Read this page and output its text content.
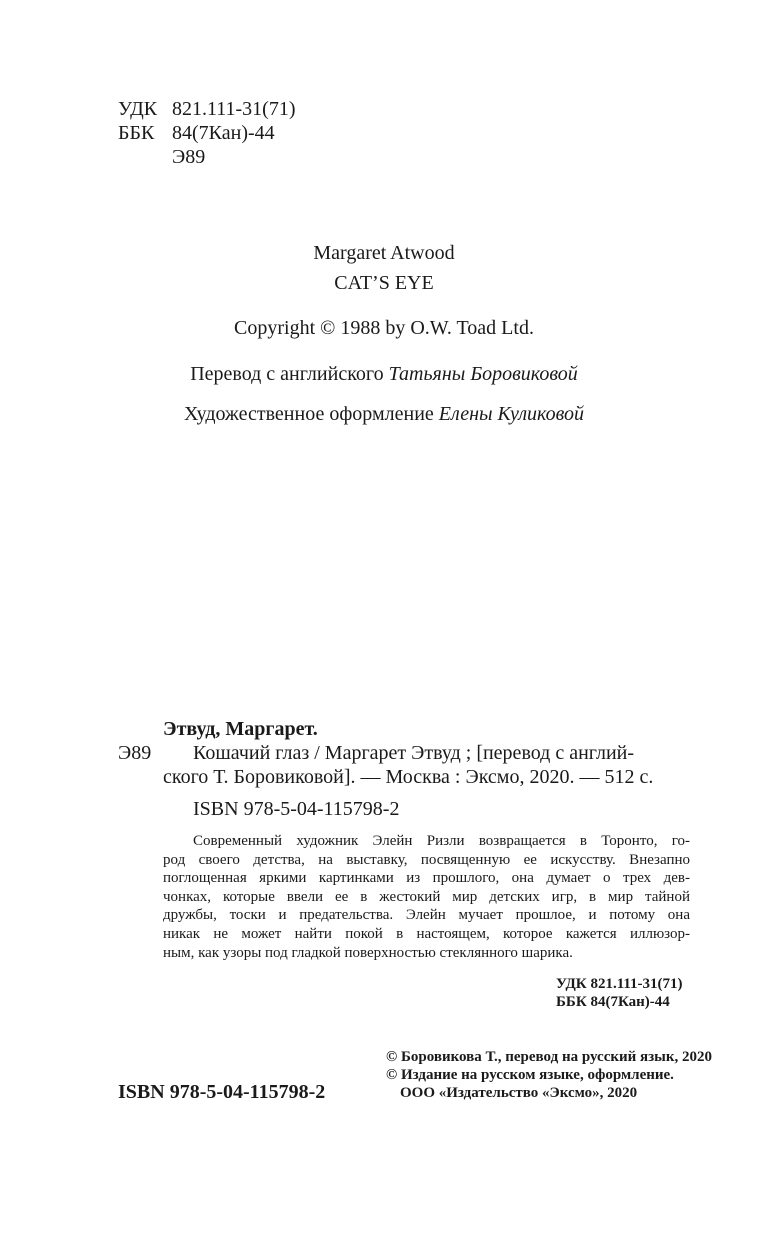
УДК 821.111-31(71)
ББК 84(7Кан)-44
Э89
Margaret Atwood
CAT’S EYE
Copyright © 1988 by O.W. Toad Ltd.
Перевод с английского Татьяны Боровиковой
Художественное оформление Елены Куликовой
Этвуд, Маргарет.
Э89 Кошачий глаз / Маргарет Этвуд ; [перевод с англий-
ского Т. Боровиковой]. — Москва : Эксмо, 2020. — 512 с.
ISBN 978-5-04-115798-2
Современный художник Элейн Ризли возвращается в Торонто, го-
род своего детства, на выставку, посвященную ее искусству. Внезапно
поглощенная яркими картинками из прошлого, она думает о трех дев-
чонках, которые ввели ее в жестокий мир детских игр, в мир тайной
дружбы, тоски и предательства. Элейн мучает прошлое, и потому она
никак не может найти покой в настоящем, которое кажется иллюзор-
ным, как узоры под гладкой поверхностью стеклянного шарика.
УДК 821.111-31(71)
ББК 84(7Кан)-44
ISBN 978-5-04-115798-2
© Боровикова Т., перевод на русский язык, 2020
© Издание на русском языке, оформление.
ООО «Издательство «Эксмо», 2020
